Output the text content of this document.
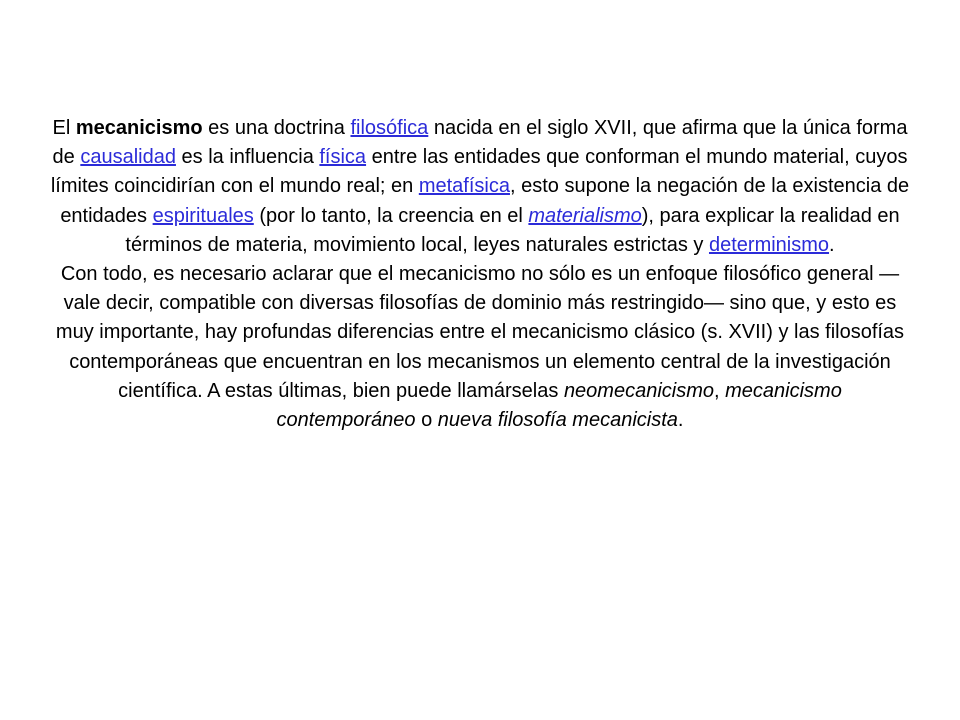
El mecanicismo es una doctrina filosófica nacida en el siglo XVII, que afirma que la única forma de causalidad es la influencia física entre las entidades que conforman el mundo material, cuyos límites coincidirían con el mundo real; en metafísica, esto supone la negación de la existencia de entidades espirituales (por lo tanto, la creencia en el materialismo), para explicar la realidad en términos de materia, movimiento local, leyes naturales estrictas y determinismo.

Con todo, es necesario aclarar que el mecanicismo no sólo es un enfoque filosófico general —vale decir, compatible con diversas filosofías de dominio más restringido— sino que, y esto es muy importante, hay profundas diferencias entre el mecanicismo clásico (s. XVII) y las filosofías contemporáneas que encuentran en los mecanismos un elemento central de la investigación científica. A estas últimas, bien puede llamárselas neomecanicismo, mecanicismo contemporáneo o nueva filosofía mecanicista.
